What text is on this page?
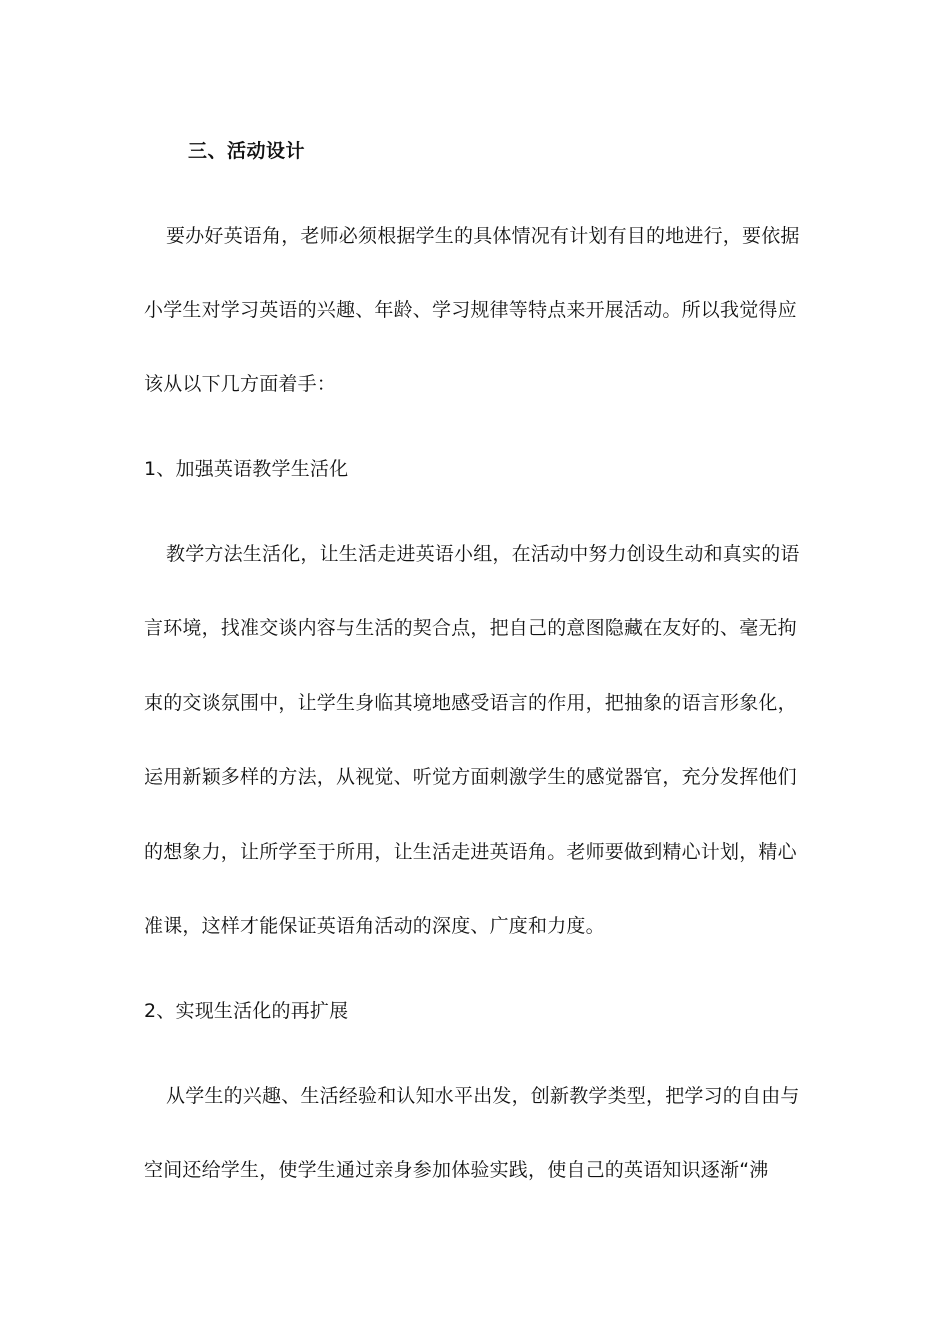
三、活动设计
要办好英语角，老师必须根据学生的具体情况有计划有目的地进行，要依据
小学生对学习英语的兴趣、年龄、学习规律等特点来开展活动。所以我觉得应
该从以下几方面着手：
1、加强英语教学生活化
教学方法生活化，让生活走进英语小组，在活动中努力创设生动和真实的语
言环境，找准交谈内容与生活的契合点，把自己的意图隐藏在友好的、毫无拘
束的交谈氛围中，让学生身临其境地感受语言的作用，把抽象的语言形象化，
运用新颖多样的方法，从视觉、听觉方面刺激学生的感觉器官，充分发挥他们
的想象力，让所学至于所用，让生活走进英语角。老师要做到精心计划，精心
准课，这样才能保证英语角活动的深度、广度和力度。
2、实现生活化的再扩展
从学生的兴趣、生活经验和认知水平出发，创新教学类型，把学习的自由与
空间还给学生，使学生通过亲身参加体验实践，使自己的英语知识逐渐“沸
